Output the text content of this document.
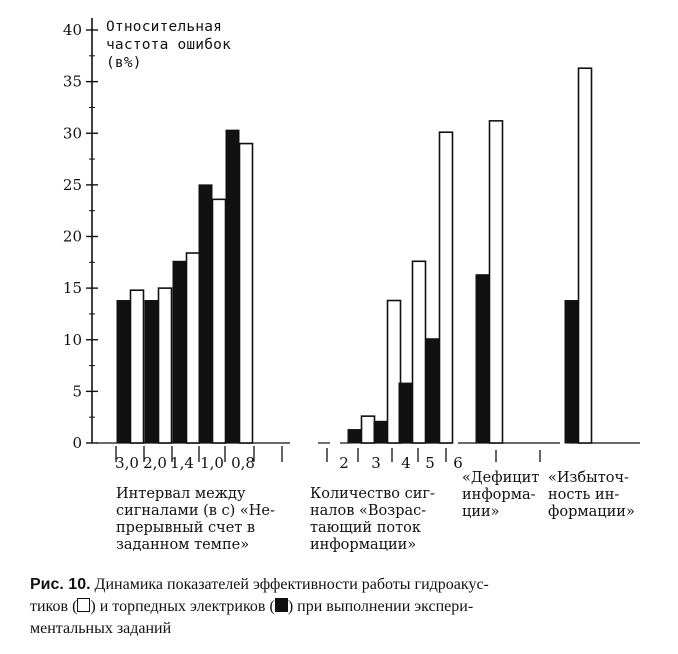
0
5
10
15
20
25
30
35
40
3,0 2,0 1,4 1,0 0,8	2 3 4 5 6
Относительная
частота ошибок
(в%)
Интервал между
сигналами (в с) «Не-
прерывный счет в
заданном темпе»
Количество сиг-
налов «Возрас-
тающий поток
информации»
«Дефицит
информа-
ции»
«Избыточ-
ность ин-
формации»
Рис. 10. Динамика показателей эффективности работы гидроакус-
тиков ( ) и торпедных электриков ( ) при выполнении экспери-
ментальных заданий
